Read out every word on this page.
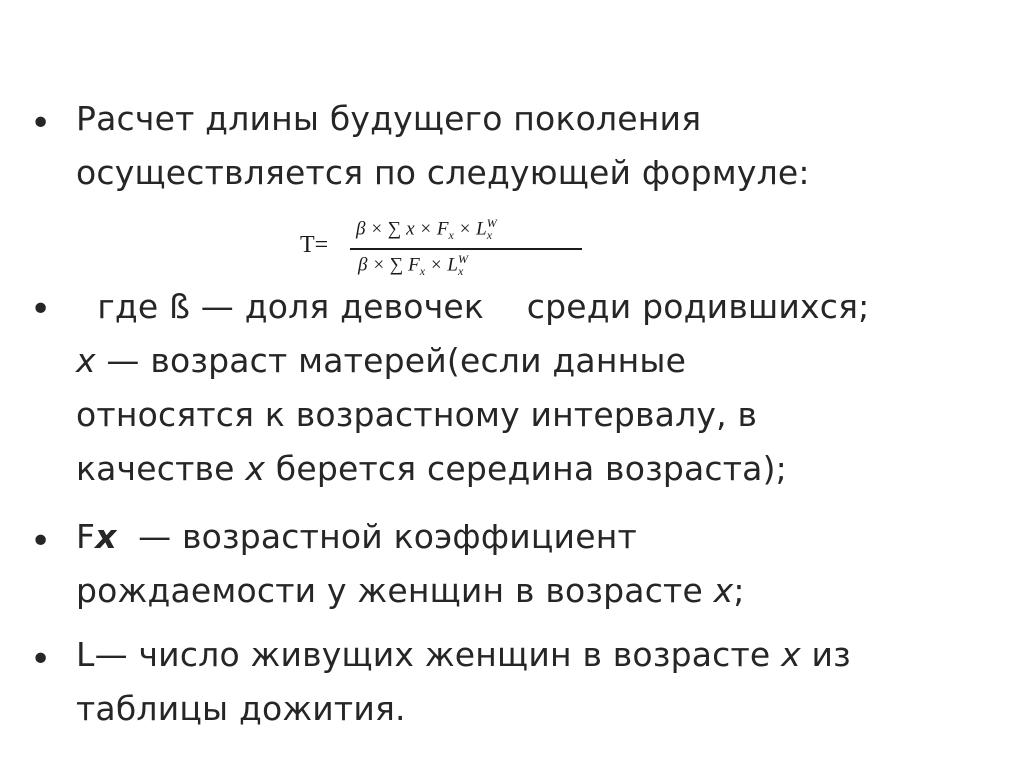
• Расчет длины будущего поколения
осуществляется по следующей формуле:
T=
β × ∑ $x \times F_x \times L^W_x$
β × ∑ $F_x \times L^W_x$
• где ß — доля девочек    среди родившихся;
x — возраст матерей(если данные
относятся к возрастному интервалу, в
качестве x берется середина возраста);
• Fx  — возрастной коэффициент
рождаемости у женщин в возрасте x;
• L— число живущих женщин в возрасте x из
таблицы дожития.
